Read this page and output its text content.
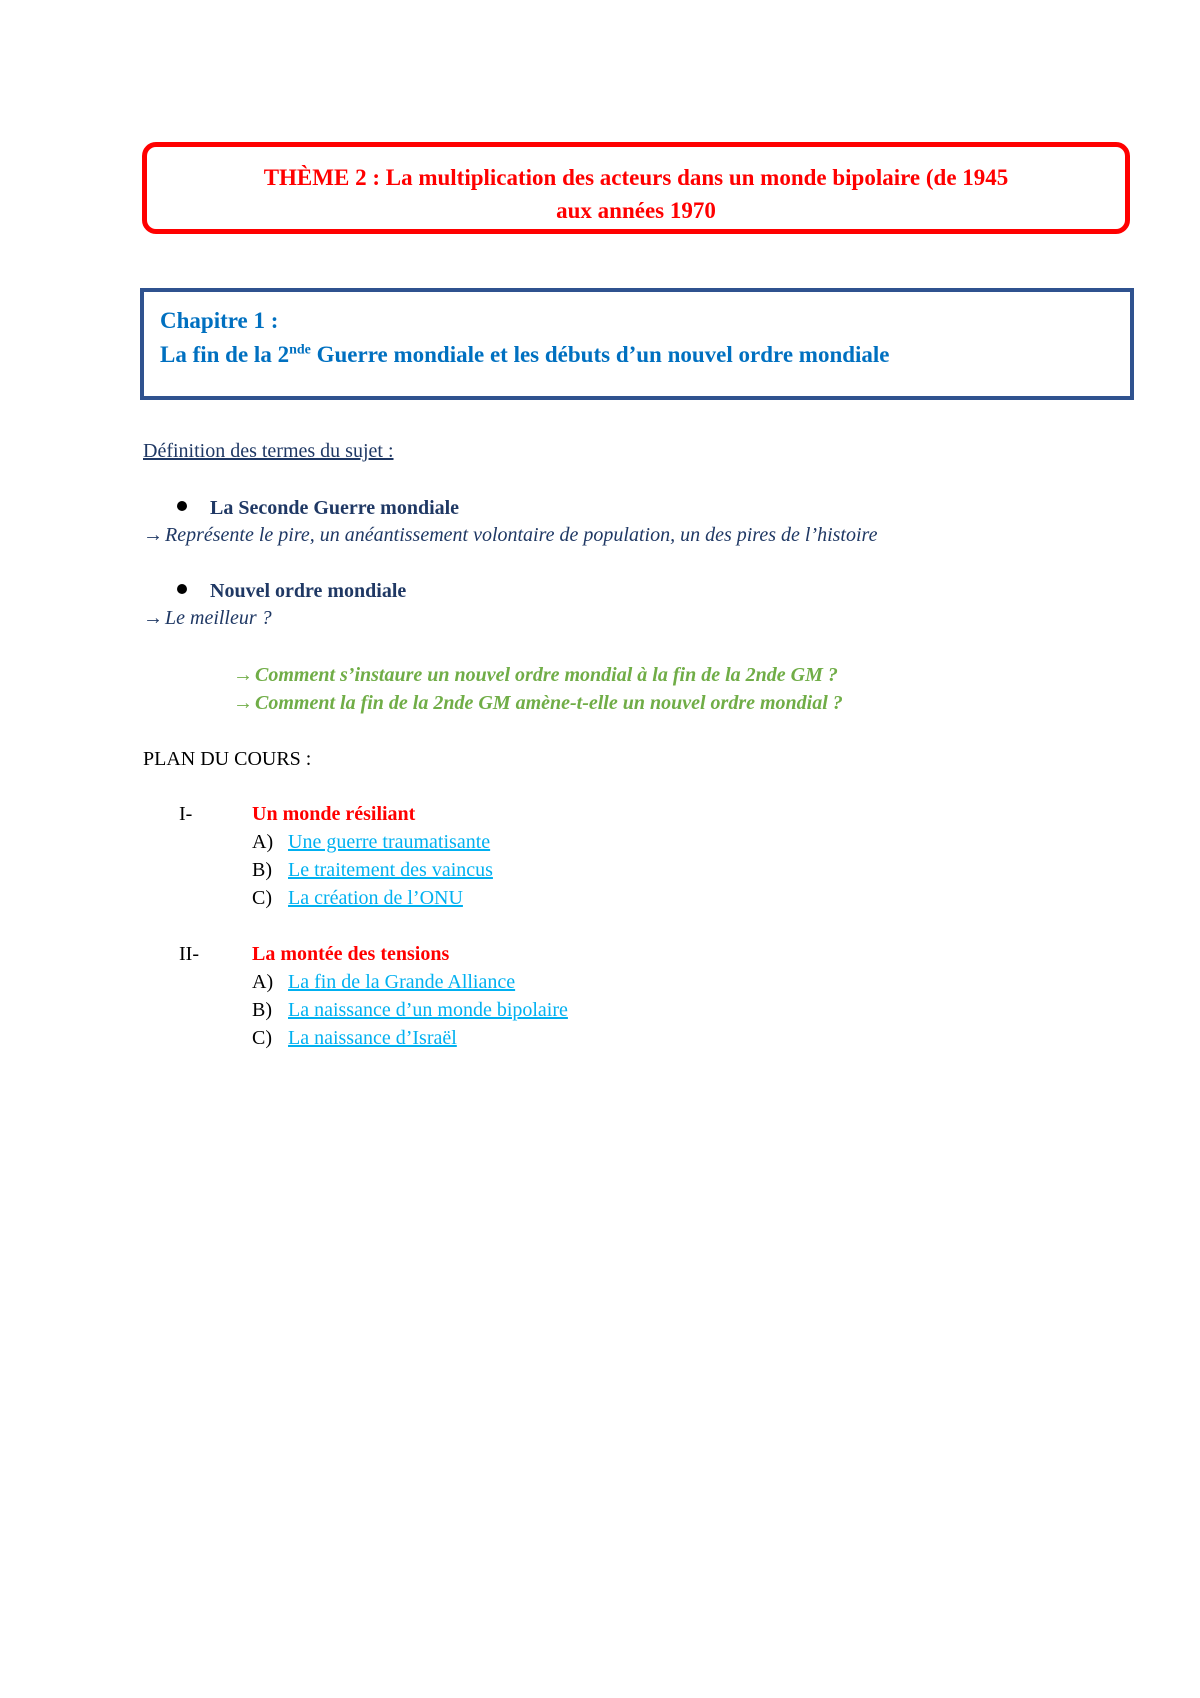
THÈME 2 : La multiplication des acteurs dans un monde bipolaire (de 1945
aux années 1970

Chapitre 1 :

La fin de la 2nde Guerre mondiale et les débuts d’un nouvel ordre mondiale

Définition des termes du sujet :
La Seconde Guerre mondiale
→ Représente le pire, un anéantissement volontaire de population, un des pires de l’histoire
Nouvel ordre mondiale
→ Le meilleur ?
→ Comment s’instaure un nouvel ordre mondial à la fin de la 2nde GM ?
→ Comment la fin de la 2nde GM amène-t-elle un nouvel ordre mondial ?
PLAN DU COURS :
I-	Un monde résiliant
A) Une guerre traumatisante
B) Le traitement des vaincus
C) La création de l’ONU
II-	La montée des tensions
A) La fin de la Grande Alliance
B) La naissance d’un monde bipolaire
C) La naissance d’Israël
